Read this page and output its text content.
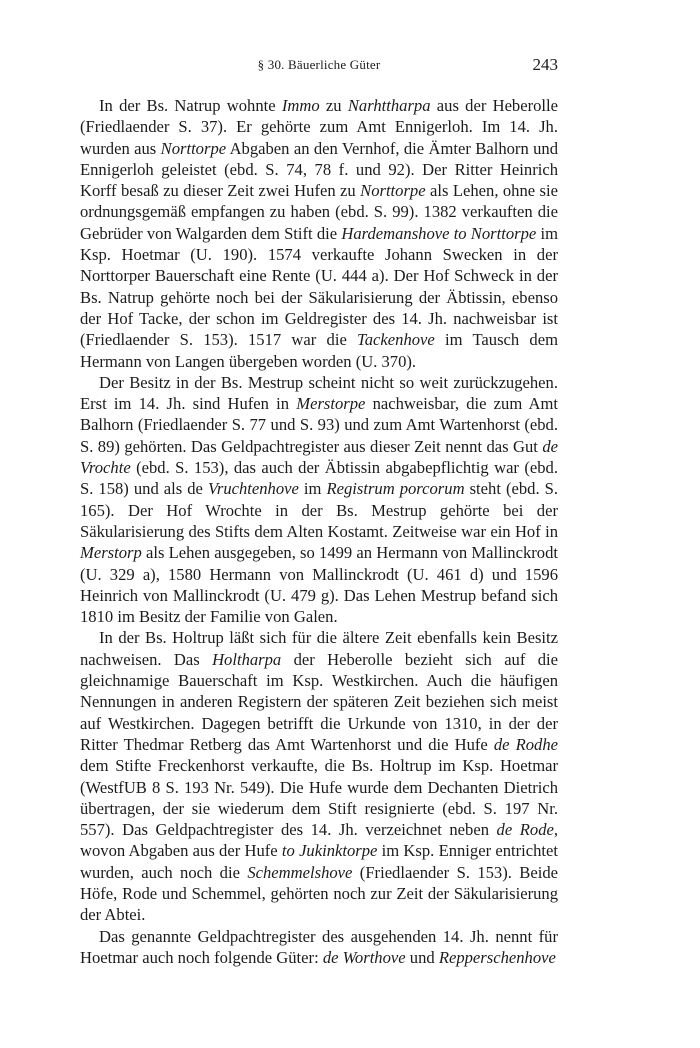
§ 30. Bäuerliche Güter	243

In der Bs. Natrup wohnte Immo zu Narhttharpa aus der Heberolle (Friedlaender S. 37). Er gehörte zum Amt Ennigerloh. Im 14. Jh. wurden aus Norttorpe Abgaben an den Vernhof, die Ämter Balhorn und Ennigerloh geleistet (ebd. S. 74, 78 f. und 92). Der Ritter Heinrich Korff besaß zu dieser Zeit zwei Hufen zu Norttorpe als Lehen, ohne sie ordnungsgemäß empfangen zu haben (ebd. S. 99). 1382 verkauften die Gebrüder von Walgarden dem Stift die Hardemanshove to Norttorpe im Ksp. Hoetmar (U. 190). 1574 verkaufte Johann Swecken in der Norttorper Bauerschaft eine Rente (U. 444 a). Der Hof Schweck in der Bs. Natrup gehörte noch bei der Säkularisierung der Äbtissin, ebenso der Hof Tacke, der schon im Geldregister des 14. Jh. nachweisbar ist (Friedlaender S. 153). 1517 war die Tackenhove im Tausch dem Hermann von Langen übergeben worden (U. 370).

Der Besitz in der Bs. Mestrup scheint nicht so weit zurückzugehen. Erst im 14. Jh. sind Hufen in Merstorpe nachweisbar, die zum Amt Balhorn (Friedlaender S. 77 und S. 93) und zum Amt Wartenhorst (ebd. S. 89) gehörten. Das Geldpachtregister aus dieser Zeit nennt das Gut de Vrochte (ebd. S. 153), das auch der Äbtissin abgabepflichtig war (ebd. S. 158) und als de Vruchtenhove im Registrum porcorum steht (ebd. S. 165). Der Hof Wrochte in der Bs. Mestrup gehörte bei der Säkularisierung des Stifts dem Alten Kostamt. Zeitweise war ein Hof in Merstorp als Lehen ausgegeben, so 1499 an Hermann von Mallinckrodt (U. 329 a), 1580 Hermann von Mallinckrodt (U. 461 d) und 1596 Heinrich von Mallinckrodt (U. 479 g). Das Lehen Mestrup befand sich 1810 im Besitz der Familie von Galen.

In der Bs. Holtrup läßt sich für die ältere Zeit ebenfalls kein Besitz nachweisen. Das Holtharpa der Heberolle bezieht sich auf die gleichnamige Bauerschaft im Ksp. Westkirchen. Auch die häufigen Nennungen in anderen Registern der späteren Zeit beziehen sich meist auf Westkirchen. Dagegen betrifft die Urkunde von 1310, in der der Ritter Thedmar Retberg das Amt Wartenhorst und die Hufe de Rodhe dem Stifte Freckenhorst verkaufte, die Bs. Holtrup im Ksp. Hoetmar (WestfUB 8 S. 193 Nr. 549). Die Hufe wurde dem Dechanten Dietrich übertragen, der sie wiederum dem Stift resignierte (ebd. S. 197 Nr. 557). Das Geldpachtregister des 14. Jh. verzeichnet neben de Rode, wovon Abgaben aus der Hufe to Jukinktorpe im Ksp. Enniger entrichtet wurden, auch noch die Schemmelshove (Friedlaender S. 153). Beide Höfe, Rode und Schemmel, gehörten noch zur Zeit der Säkularisierung der Abtei.

Das genannte Geldpachtregister des ausgehenden 14. Jh. nennt für Hoetmar auch noch folgende Güter: de Worthove und Repperschenhove
